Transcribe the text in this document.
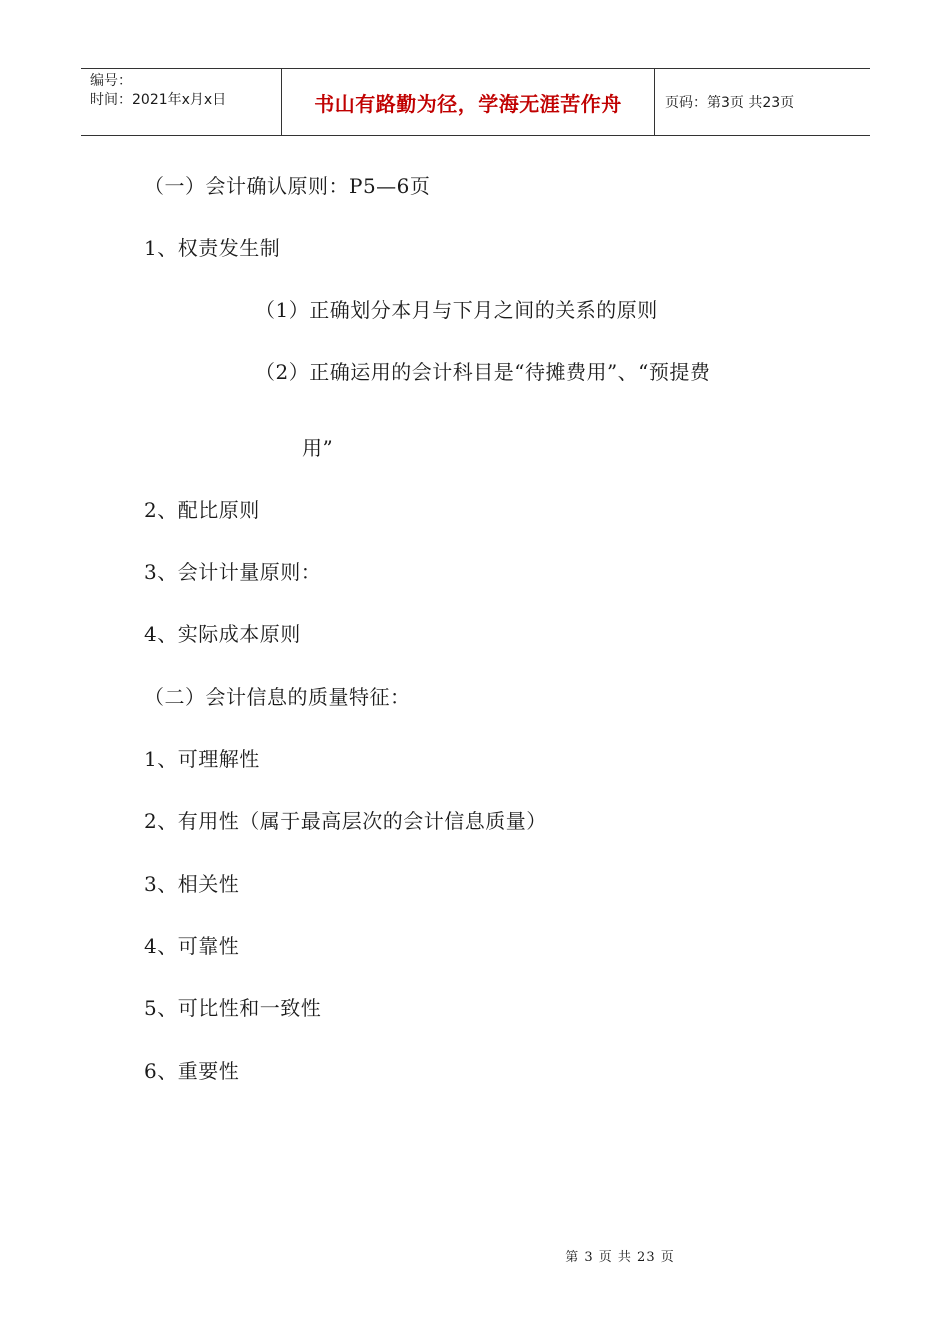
编号：
时间：2021年x月x日	书山有路勤为径，学海无涯苦作舟	页码：第3页 共23页
（一）会计确认原则：P5—6页
1、权责发生制
（1）正确划分本月与下月之间的关系的原则
（2）正确运用的会计科目是“待摊费用”、“预提费
用”
2、配比原则
3、会计计量原则：
4、实际成本原则
（二）会计信息的质量特征：
1、可理解性
2、有用性（属于最高层次的会计信息质量）
3、相关性
4、可靠性
5、可比性和一致性
6、重要性
第 3 页 共 23 页
